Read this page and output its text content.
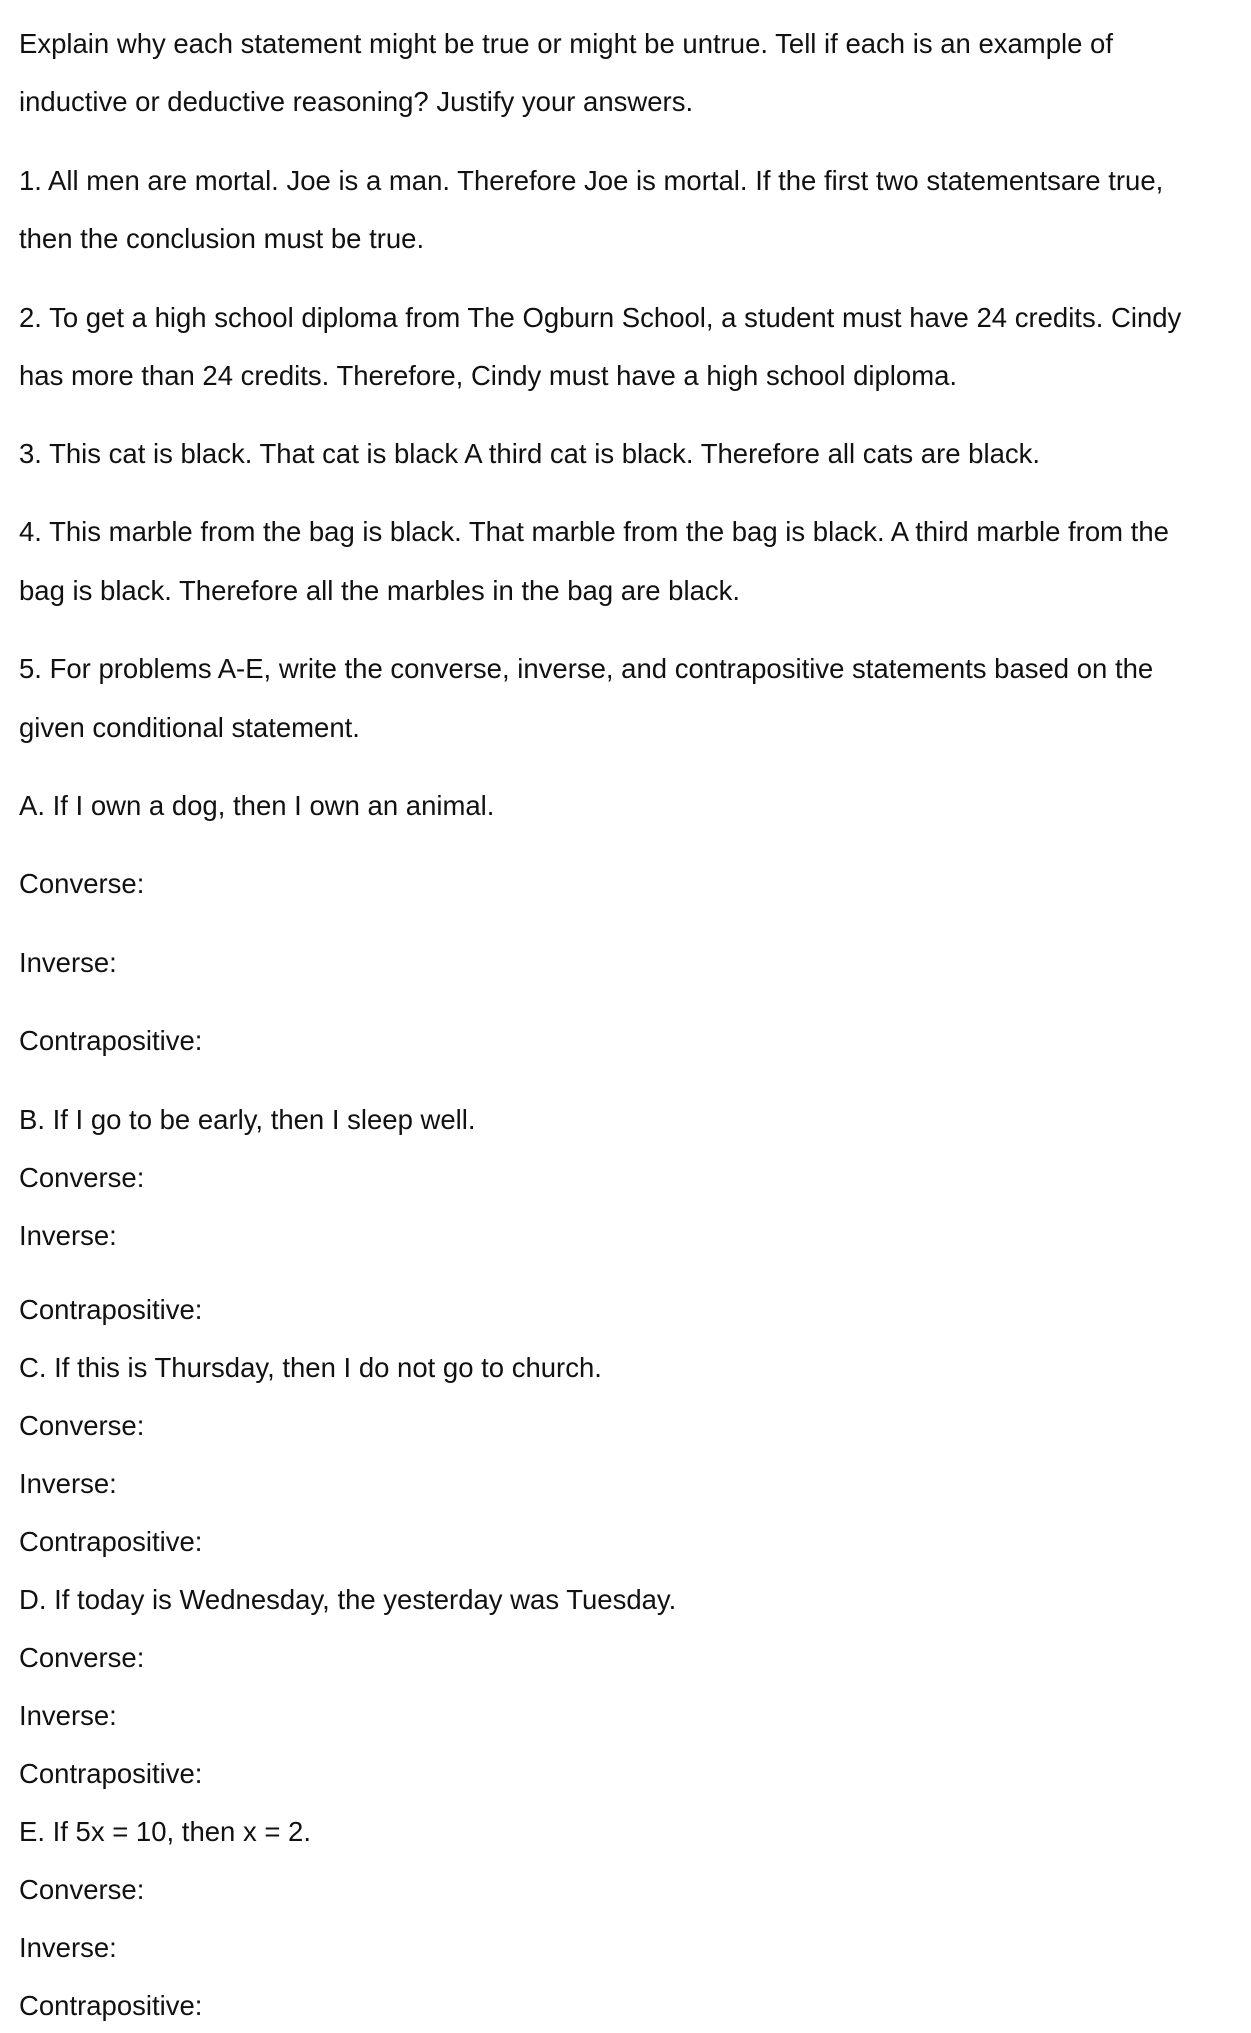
Explain why each statement might be true or might be untrue. Tell if each is an example of

inductive or deductive reasoning? Justify your answers.

1. All men are mortal. Joe is a man. Therefore Joe is mortal. If the first two statementsare true,

then the conclusion must be true.

2. To get a high school diploma from The Ogburn School, a student must have 24 credits. Cindy

has more than 24 credits. Therefore, Cindy must have a high school diploma.

3. This cat is black. That cat is black A third cat is black. Therefore all cats are black.

4. This marble from the bag is black. That marble from the bag is black. A third marble from the

bag is black. Therefore all the marbles in the bag are black.

5. For problems A-E, write the converse, inverse, and contrapositive statements based on the

given conditional statement.

A. If I own a dog, then I own an animal.

Converse:

Inverse:

Contrapositive:

B. If I go to be early, then I sleep well.

Converse:

Inverse:

Contrapositive:

C. If this is Thursday, then I do not go to church.

Converse:

Inverse:

Contrapositive:

D. If today is Wednesday, the yesterday was Tuesday.

Converse:

Inverse:

Contrapositive:

E. If 5x = 10, then x = 2.

Converse:

Inverse:

Contrapositive:
